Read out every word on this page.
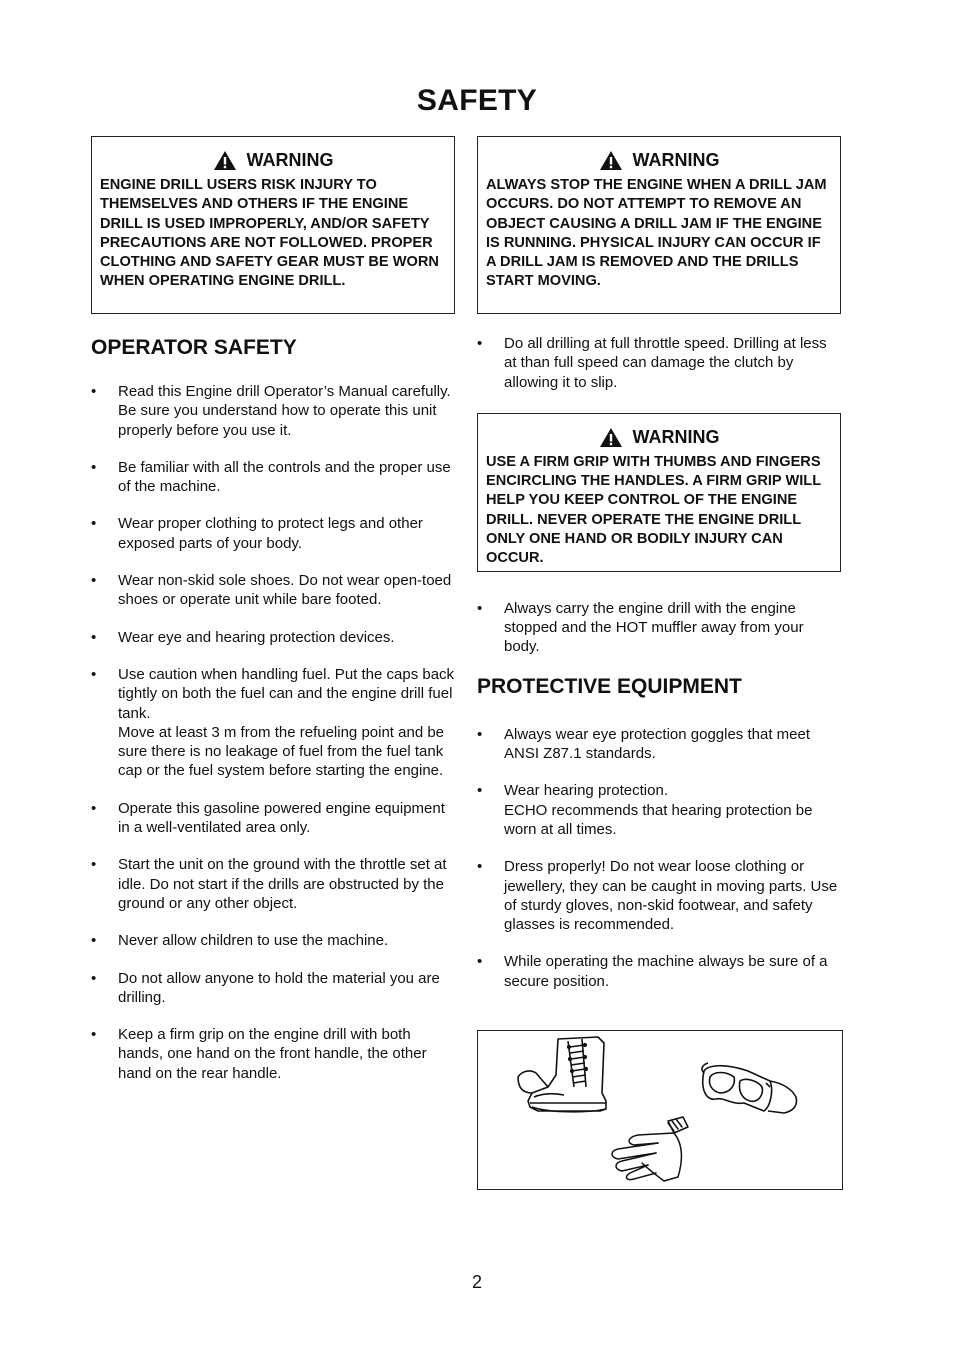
SAFETY
WARNING
ENGINE DRILL USERS RISK INJURY TO THEMSELVES AND OTHERS IF THE ENGINE DRILL IS USED IMPROPERLY, AND/OR SAFETY PRECAUTIONS ARE NOT FOLLOWED. PROPER CLOTHING AND SAFETY GEAR MUST BE WORN WHEN OPERATING ENGINE DRILL.
OPERATOR SAFETY
• Read this Engine drill Operator’s Manual carefully. Be sure you understand how to operate this unit properly before you use it.
• Be familiar with all the controls and the proper use of the machine.
• Wear proper clothing to protect legs and other exposed parts of your body.
• Wear non-skid sole shoes. Do not wear open-toed shoes or operate unit while bare footed.
• Wear eye and hearing protection devices.
• Use caution when handling fuel. Put the caps back tightly on both the fuel can and the engine drill fuel tank.
Move at least 3 m from the refueling point and be sure there is no leakage of fuel from the fuel tank cap or the fuel system before starting the engine.
• Operate this gasoline powered engine equipment in a well-ventilated area only.
• Start the unit on the ground with the throttle set at idle. Do not start if the drills are obstructed by the ground or any other object.
• Never allow children to use the machine.
• Do not allow anyone to hold the material you are drilling.
• Keep a firm grip on the engine drill with both hands, one hand on the front handle, the other hand on the rear handle.
WARNING
ALWAYS STOP THE ENGINE WHEN A DRILL JAM OCCURS. DO NOT ATTEMPT TO REMOVE AN OBJECT CAUSING A DRILL JAM IF THE ENGINE IS RUNNING. PHYSICAL INJURY CAN OCCUR IF A DRILL JAM IS REMOVED AND THE DRILLS START MOVING.
• Do all drilling at full throttle speed. Drilling at less at than full speed can damage the clutch by allowing it to slip.
WARNING
USE A FIRM GRIP WITH THUMBS AND FINGERS ENCIRCLING THE HANDLES. A FIRM GRIP WILL HELP YOU KEEP CONTROL OF THE ENGINE DRILL. NEVER OPERATE THE ENGINE DRILL ONLY ONE HAND OR BODILY INJURY CAN OCCUR.
• Always carry the engine drill with the engine stopped and the HOT muffler away from your body.
PROTECTIVE EQUIPMENT
• Always wear eye protection goggles that meet ANSI Z87.1 standards.
• Wear hearing protection.
ECHO recommends that hearing protection be worn at all times.
• Dress properly! Do not wear loose clothing or jewellery, they can be caught in moving parts. Use of sturdy gloves, non-skid footwear, and safety glasses is recommended.
• While operating the machine always be sure of a secure position.
2
